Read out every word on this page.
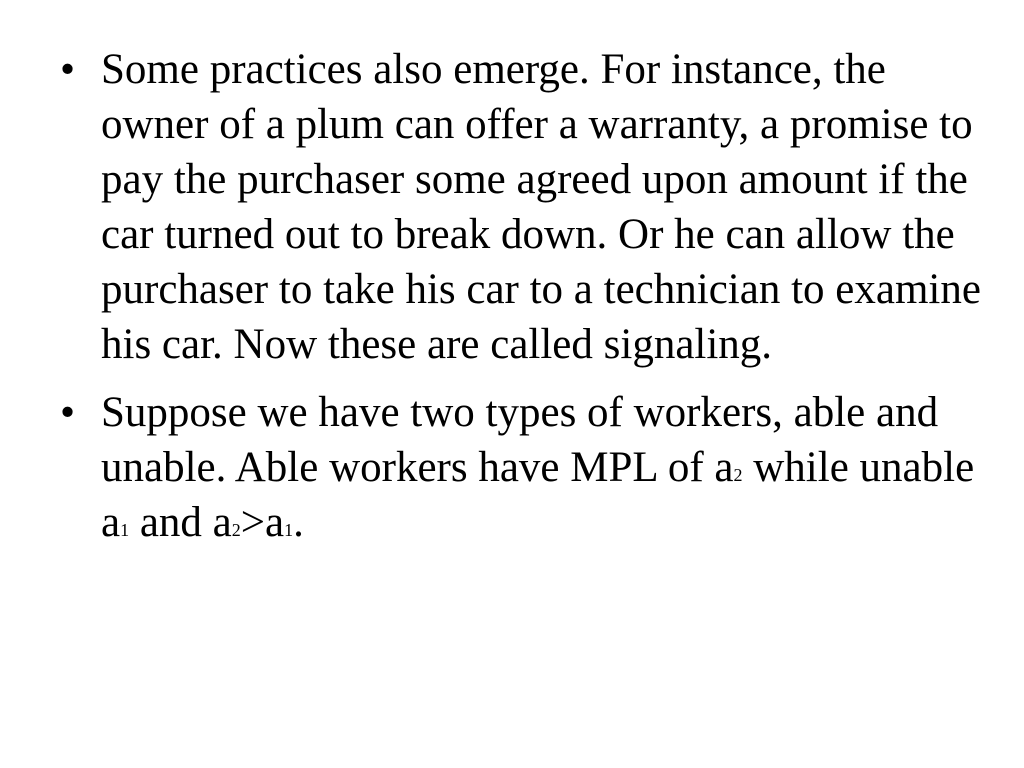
• Some practices also emerge. For instance, the owner of a plum can offer a warranty, a promise to pay the purchaser some agreed upon amount if the car turned out to break down. Or he can allow the purchaser to take his car to a technician to examine his car. Now these are called signaling.
• Suppose we have two types of workers, able and unable. Able workers have MPL of a2 while unable a1 and a2>a1.
